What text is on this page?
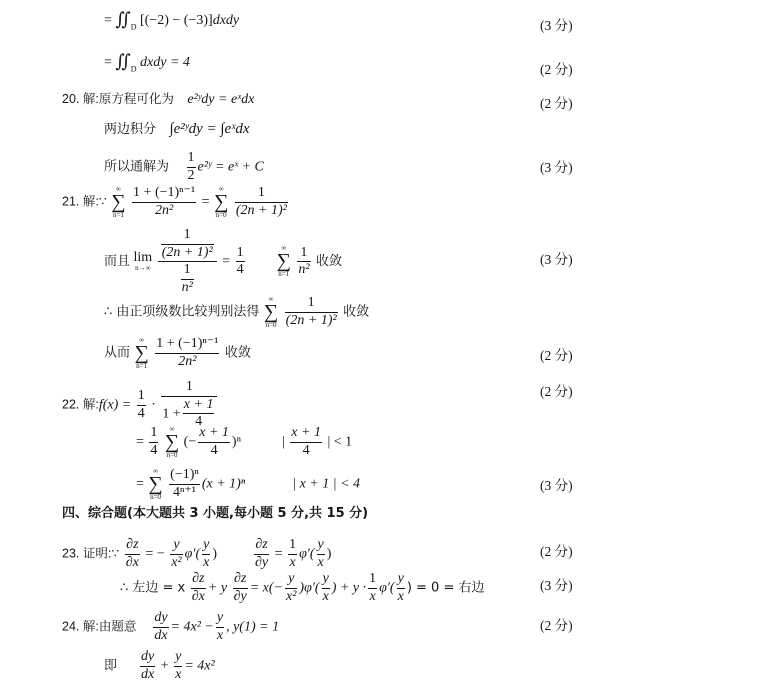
= $∬_D$ [(−2) − (−3)]dxdy	(3 分)
= $∬_D$ dxdy = 4	(2 分)
20. 解:原方程可化为 e²ʸdy = eˣdx	(2 分)
两边积分 ∫e²ʸdy = ∫eˣdx
所以通解为 $\frac{1}{2}$ e²ʸ = eˣ + C	(3 分)
21. 解:∵
∞
∑
n=1
$\frac{\text{1 + (−1)ⁿ⁻¹}}{\text{2n²}}$ =
∞
∑
n=0
$\frac{1}{\text{(2n + 1)²}}$
而且 lim
n→∞
$\frac{\frac{1}{\text{(2n + 1)²}}}{\frac{1}{\text{n²}}} = \frac{1}{4}$
	∞
∑
n=1
$\frac{1}{\text{n²}}$ 收敛	(3 分)
∴ 由正项级数比较判别法得
∞
∑
n=0
$\frac{1}{\text{(2n + 1)²}}$ 收敛
从而
∞
∑
n=1
$\frac{\text{1 + (−1)ⁿ⁻¹}}{\text{2n²}}$ 收敛	(2 分)
22. 解:f(x) = $\frac{1}{4} \cdot \frac{1}{1 + \frac{x + 1}{4}}$	(2 分)
= $\frac{1}{4}$
	∞
∑
n=0
(− $\frac{x + 1}{4} )^n$	| $\frac{x + 1}{4}$ | < 1
=
∞
∑
n=0
$\frac{\text{(−1)ⁿ}}{\text{4ⁿ⁺¹}} (x + 1)^n$	| x + 1 | < 4	(3 分)
四、综合题(本大题共 3 小题,每小题 5 分,共 15 分)
23. 证明:∵ $\frac{\partial z}{\partial x}$ = − $\frac{y}{\text{x²}} \varphi'( \frac{y}{x}$ )	$\frac{\partial z}{\partial y} = \frac{1}{x} \varphi'( \frac{y}{x}$ )	(2 分)
∴ 左边 = x $\frac{\partial z}{\partial x} + y \frac{\partial z}{\partial y} = x(- \frac{y}{\text{x²}} )\varphi'( \frac{y}{x}$ ) + $y \cdot \frac{1}{x} \varphi'( \frac{y}{x}$ ) = 0 = 右边	(3 分)
24. 解:由题意 $\frac{dy}{dx} = 4x^2 - \frac{y}{x}$ , y(1) = 1	(2 分)
即 $\frac{dy}{dx} + \frac{y}{x} = 4x^2$
